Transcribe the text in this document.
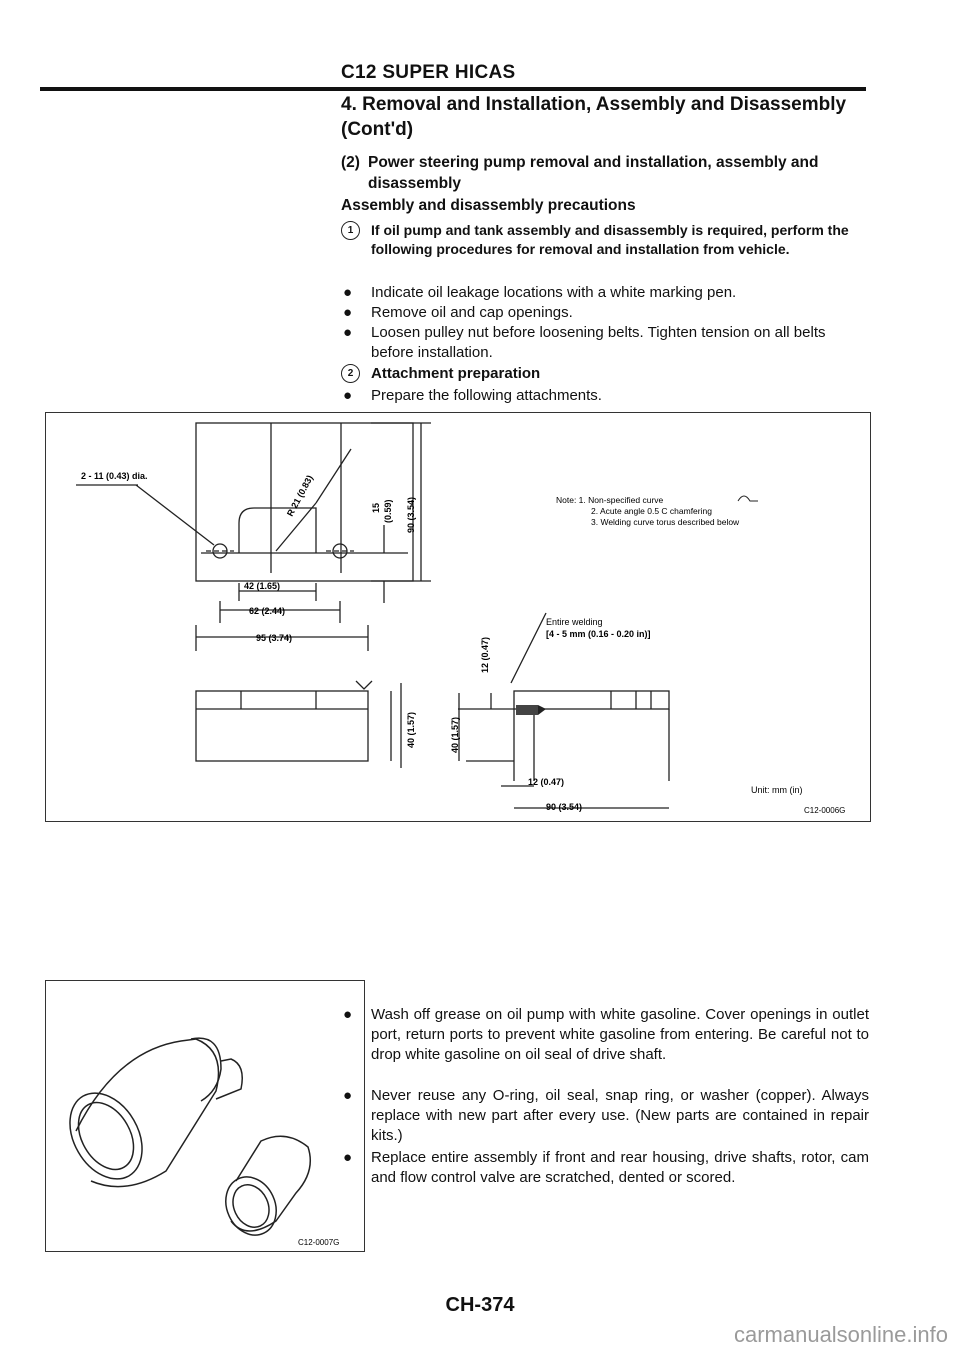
C12 SUPER HICAS
4. Removal and Installation, Assembly and Disassembly (Cont'd)
(2) Power steering pump removal and installation, assembly and disassembly
Assembly and disassembly precautions
1	If oil pump and tank assembly and disassembly is required, perform the following procedures for removal and installation from vehicle.
●	Indicate oil leakage locations with a white marking pen.
●	Remove oil and cap openings.
●	Loosen pulley nut before loosening belts. Tighten tension on all belts before installation.
2	Attachment preparation
●	Prepare the following attachments.
2 - 11 (0.43) dia.	R 21 (0.83)	15 (0.59) 90 (3.54)
42 (1.65)
62 (2.44)
95 (3.74)
40 (1.57)
12 (0.47)
40 (1.57)
12 (0.47)
90 (3.54)
Note: 1. Non-specified curve
2. Acute angle 0.5 C chamfering
3. Welding curve torus described below
Entire welding
[4 - 5 mm (0.16 - 0.20 in)]
Unit: mm (in)
C12-0006G
C12-0007G
●	Wash off grease on oil pump with white gasoline. Cover openings in outlet port, return ports to prevent white gasoline from entering. Be careful not to drop white gasoline on oil seal of drive shaft.
●	Never reuse any O-ring, oil seal, snap ring, or washer (copper). Always replace with new part after every use. (New parts are contained in repair kits.)
●	Replace entire assembly if front and rear housing, drive shafts, rotor, cam and flow control valve are scratched, dented or scored.
CH-374
carmanualsonline.info
